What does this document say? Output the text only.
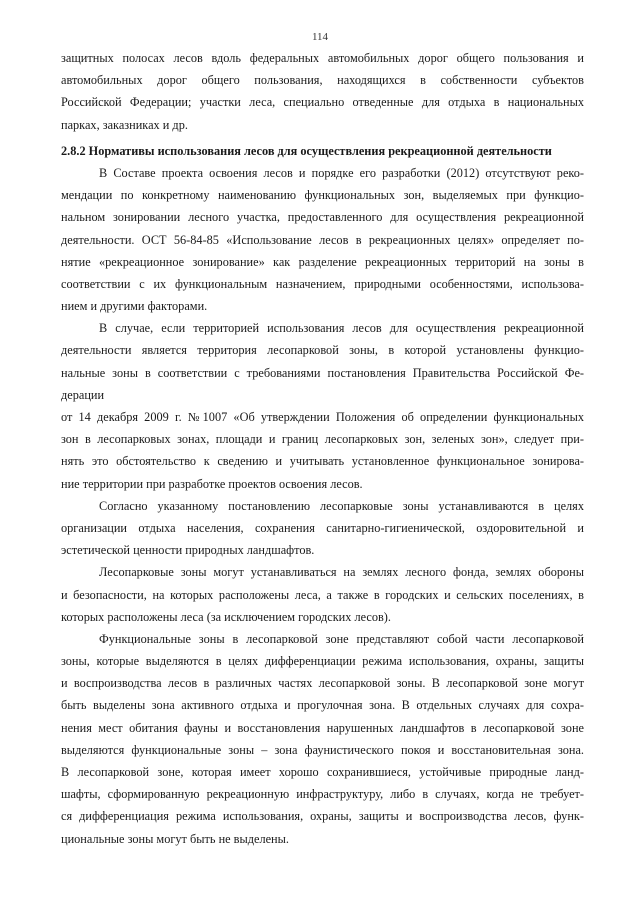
114
защитных полосах лесов вдоль федеральных автомобильных дорог общего пользования и
автомобильных дорог общего пользования, находящихся в собственности субъектов
Российской Федерации; участки леса, специально отведенные для отдыха в национальных
парках, заказниках и др.
2.8.2 Нормативы использования лесов для осуществления рекреационной деятельности
В Составе проекта освоения лесов и порядке его разработки (2012) отсутствуют реко-
мендации по конкретному наименованию функциональных зон, выделяемых при функцио-
нальном зонировании лесного участка, предоставленного для осуществления рекреационной
деятельности. ОСТ 56-84-85 «Использование лесов в рекреационных целях» определяет по-
нятие «рекреационное зонирование» как разделение рекреационных территорий на зоны в
соответствии с их функциональным назначением, природными особенностями, использова-
нием и другими факторами.
В случае, если территорией использования лесов для осуществления рекреационной
деятельности является территория лесопарковой зоны, в которой установлены функцио-
нальные зоны в соответствии с требованиями постановления Правительства Российской Фе-
дерации
от 14 декабря 2009 г. №1007 «Об утверждении Положения об определении функциональных
зон в лесопарковых зонах, площади и границ лесопарковых зон, зеленых зон», следует при-
нять это обстоятельство к сведению и учитывать установленное функциональное зонирова-
ние территории при разработке проектов освоения лесов.
Согласно указанному постановлению лесопарковые зоны устанавливаются в целях
организации отдыха населения, сохранения санитарно-гигиенической, оздоровительной и
эстетической ценности природных ландшафтов.
Лесопарковые зоны могут устанавливаться на землях лесного фонда, землях обороны
и безопасности, на которых расположены леса, а также в городских и сельских поселениях, в
которых расположены леса (за исключением городских лесов).
Функциональные зоны в лесопарковой зоне представляют собой части лесопарковой
зоны, которые выделяются в целях дифференциации режима использования, охраны, защиты
и воспроизводства лесов в различных частях лесопарковой зоны. В лесопарковой зоне могут
быть выделены зона активного отдыха и прогулочная зона. В отдельных случаях для сохра-
нения мест обитания фауны и восстановления нарушенных ландшафтов в лесопарковой зоне
выделяются функциональные зоны – зона фаунистического покоя и восстановительная зона.
В лесопарковой зоне, которая имеет хорошо сохранившиеся, устойчивые природные ланд-
шафты, сформированную рекреационную инфраструктуру, либо в случаях, когда не требует-
ся дифференциация режима использования, охраны, защиты и воспроизводства лесов, функ-
циональные зоны могут быть не выделены.
